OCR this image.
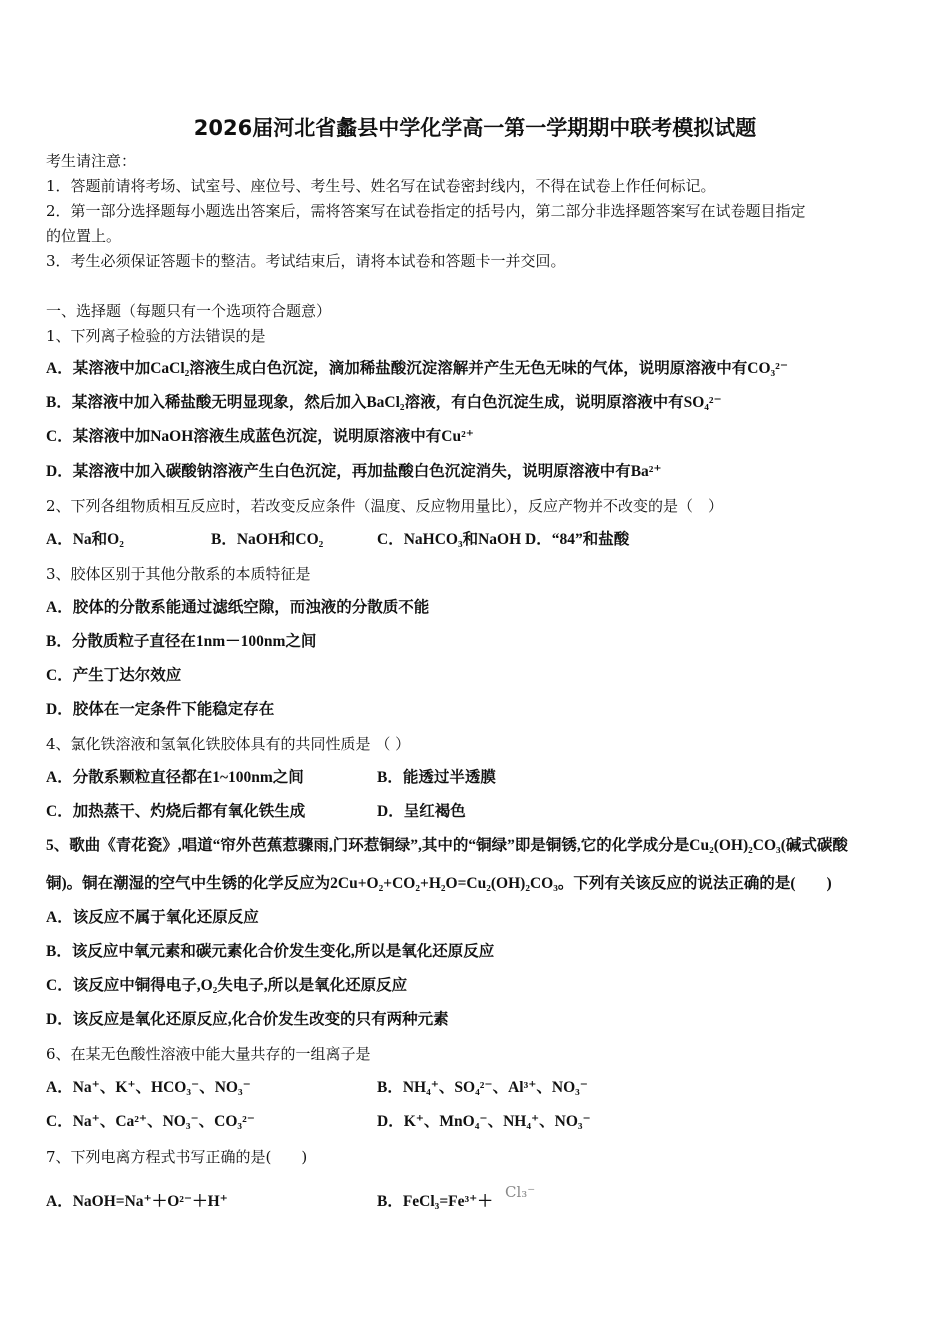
2026届河北省蠡县中学化学高一第一学期期中联考模拟试题
考生请注意：
1．答题前请将考场、试室号、座位号、考生号、姓名写在试卷密封线内，不得在试卷上作任何标记。
2．第一部分选择题每小题选出答案后，需将答案写在试卷指定的括号内，第二部分非选择题答案写在试卷题目指定
的位置上。
3．考生必须保证答题卡的整洁。考试结束后，请将本试卷和答题卡一并交回。
一、选择题（每题只有一个选项符合题意）
1、下列离子检验的方法错误的是
A．某溶液中加CaCl₂溶液生成白色沉淀，滴加稀盐酸沉淀溶解并产生无色无味的气体，说明原溶液中有CO₃²⁻
B．某溶液中加入稀盐酸无明显现象，然后加入BaCl₂溶液，有白色沉淀生成，说明原溶液中有SO₄²⁻
C．某溶液中加NaOH溶液生成蓝色沉淀，说明原溶液中有Cu²⁺
D．某溶液中加入碳酸钠溶液产生白色沉淀，再加盐酸白色沉淀消失，说明原溶液中有Ba²⁺
2、下列各组物质相互反应时，若改变反应条件（温度、反应物用量比），反应产物并不改变的是（　）
A．Na和O₂	B．NaOH和CO₂	C．NaHCO₃和NaOH D．“84”和盐酸
3、胶体区别于其他分散系的本质特征是
A．胶体的分散系能通过滤纸空隙，而浊液的分散质不能
B．分散质粒子直径在1nm－100nm之间
C．产生丁达尔效应
D．胶体在一定条件下能稳定存在
4、氯化铁溶液和氢氧化铁胶体具有的共同性质是 （ ）
A．分散系颗粒直径都在1~100nm之间	B．能透过半透膜
C．加热蒸干、灼烧后都有氧化铁生成	D．呈红褐色
5、歌曲《青花瓷》,唱道“帘外芭蕉惹骤雨,门环惹铜绿”,其中的“铜绿”即是铜锈,它的化学成分是Cu₂(OH)₂CO₃(碱式碳酸
铜)。铜在潮湿的空气中生锈的化学反应为2Cu+O₂+CO₂+H₂O=Cu₂(OH)₂CO₃。下列有关该反应的说法正确的是(　　)
A．该反应不属于氧化还原反应
B．该反应中氧元素和碳元素化合价发生变化,所以是氧化还原反应
C．该反应中铜得电子,O₂失电子,所以是氧化还原反应
D．该反应是氧化还原反应,化合价发生改变的只有两种元素
6、在某无色酸性溶液中能大量共存的一组离子是
A．Na⁺、K⁺、HCO₃⁻、NO₃⁻	B．NH₄⁺、SO₄²⁻、Al³⁺、NO₃⁻
C．Na⁺、Ca²⁺、NO₃⁻、CO₃²⁻	D．K⁺、MnO₄⁻、NH₄⁺、NO₃⁻
7、下列电离方程式书写正确的是(　　)
A．NaOH=Na⁺＋O²⁻＋H⁺	B．FeCl₃=Fe³⁺＋
Cl₃⁻
